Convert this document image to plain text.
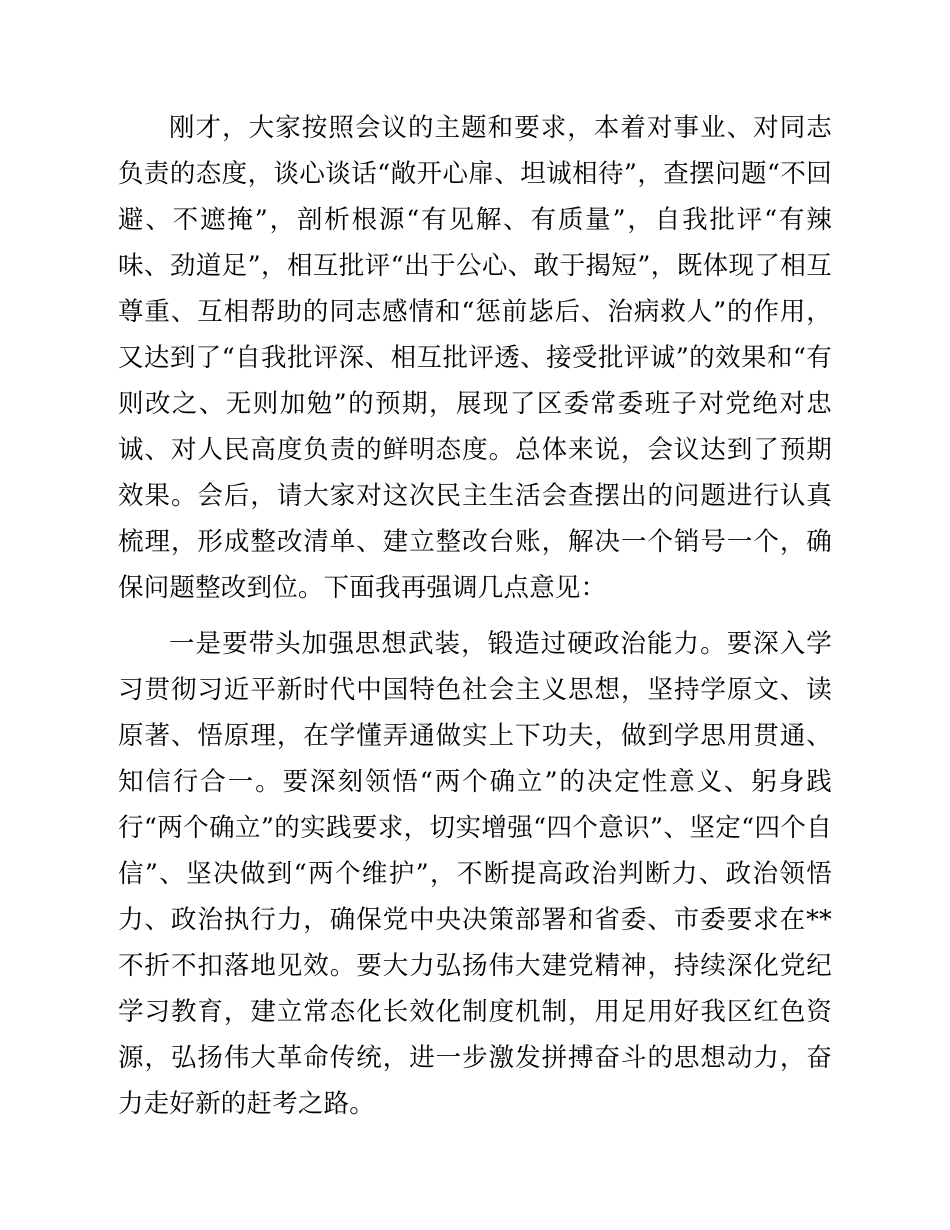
刚才，大家按照会议的主题和要求，本着对事业、对同志负责的态度，谈心谈话“敞开心扉、坦诚相待”，查摆问题“不回避、不遮掩”，剖析根源“有见解、有质量”，自我批评“有辣味、劲道足”，相互批评“出于公心、敢于揭短”，既体现了相互尊重、互相帮助的同志感情和“惩前毖后、治病救人”的作用，又达到了“自我批评深、相互批评透、接受批评诚”的效果和“有则改之、无则加勉”的预期，展现了区委常委班子对党绝对忠诚、对人民高度负责的鲜明态度。总体来说，会议达到了预期效果。会后，请大家对这次民主生活会查摆出的问题进行认真梳理，形成整改清单、建立整改台账，解决一个销号一个，确保问题整改到位。下面我再强调几点意见：

一是要带头加强思想武装，锻造过硬政治能力。要深入学习贯彻习近平新时代中国特色社会主义思想，坚持学原文、读原著、悟原理，在学懂弄通做实上下功夫，做到学思用贯通、知信行合一。要深刻领悟“两个确立”的决定性意义、躬身践行“两个确立”的实践要求，切实增强“四个意识”、坚定“四个自信”、坚决做到“两个维护”，不断提高政治判断力、政治领悟力、政治执行力，确保党中央决策部署和省委、市委要求在**不折不扣落地见效。要大力弘扬伟大建党精神，持续深化党纪学习教育，建立常态化长效化制度机制，用足用好我区红色资源，弘扬伟大革命传统，进一步激发拼搏奋斗的思想动力，奋力走好新的赶考之路。
